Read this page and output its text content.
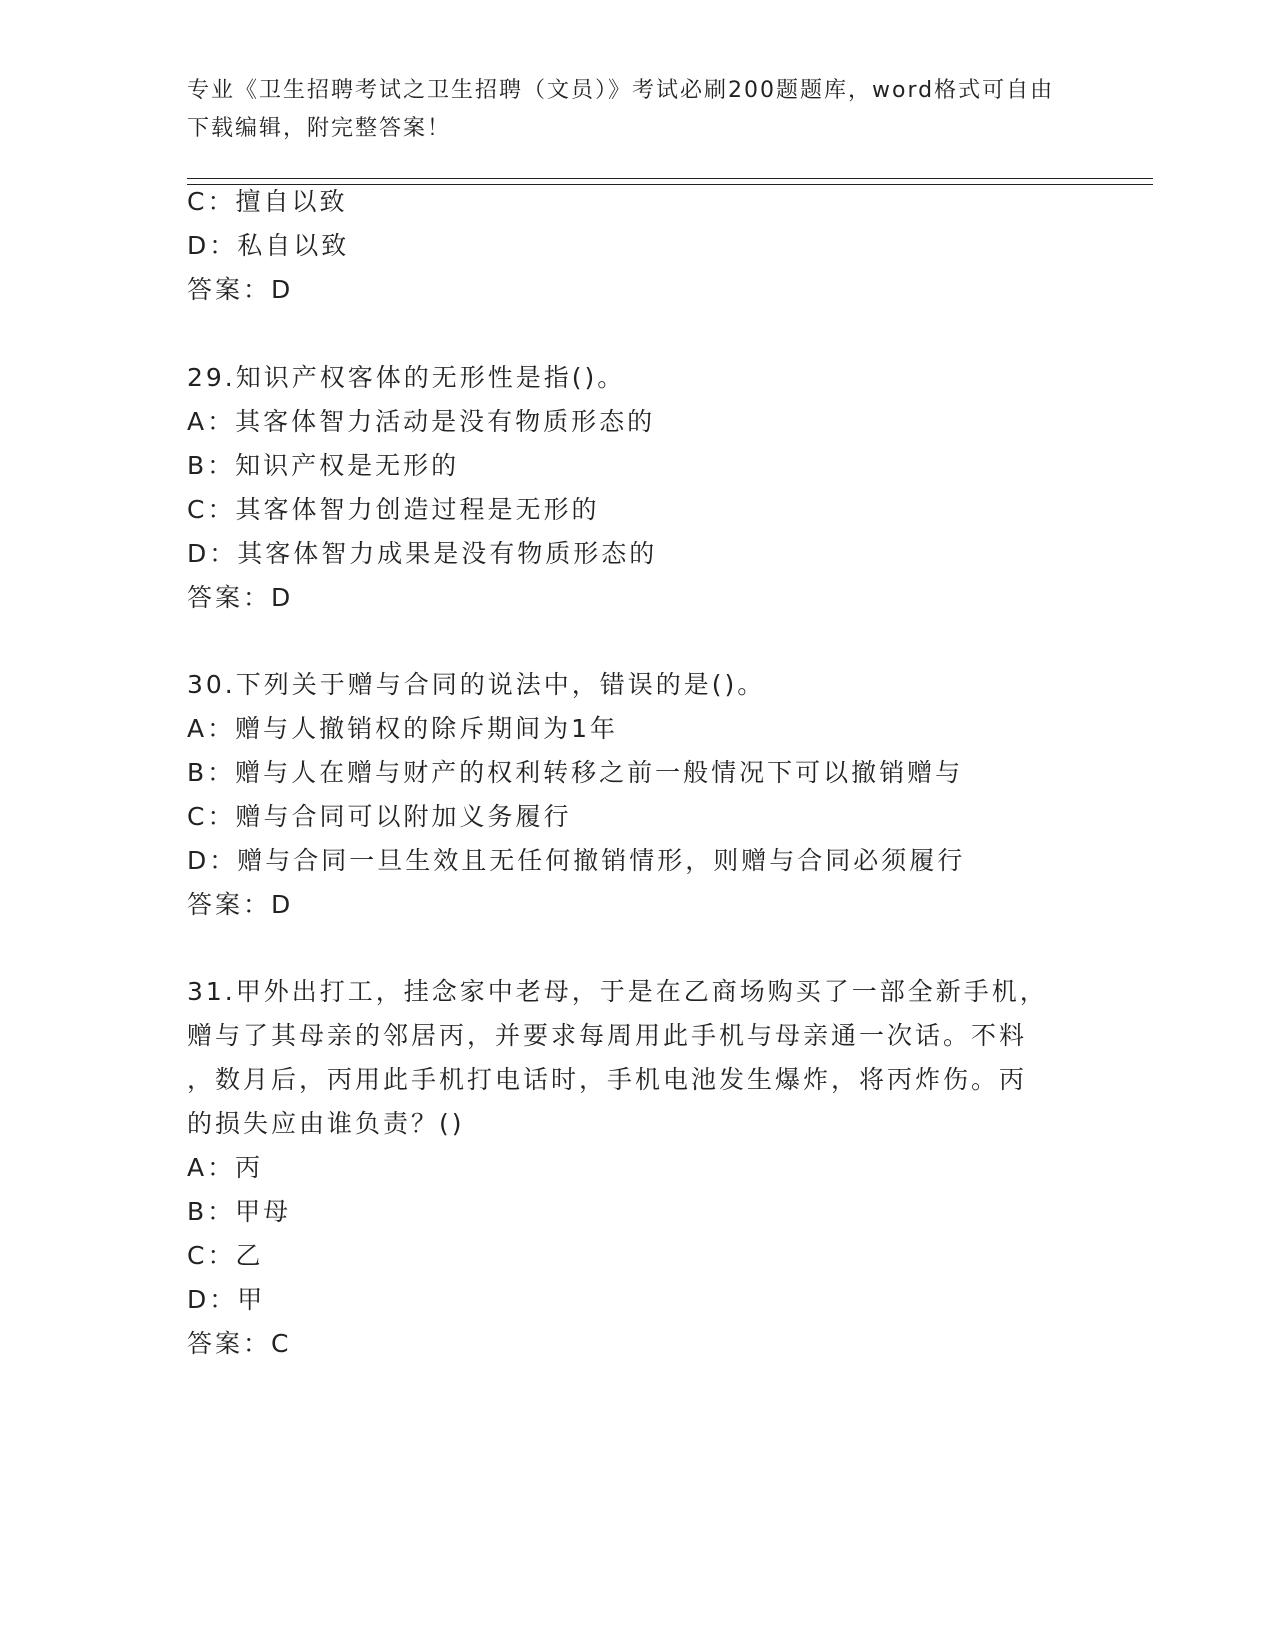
专业《卫生招聘考试之卫生招聘（文员）》考试必刷200题题库，word格式可自由下载编辑，附完整答案！
C：擅自以致
D：私自以致
答案：D
29.知识产权客体的无形性是指()。
A：其客体智力活动是没有物质形态的
B：知识产权是无形的
C：其客体智力创造过程是无形的
D：其客体智力成果是没有物质形态的
答案：D
30.下列关于赠与合同的说法中，错误的是()。
A：赠与人撤销权的除斥期间为1年
B：赠与人在赠与财产的权利转移之前一般情况下可以撤销赠与
C：赠与合同可以附加义务履行
D：赠与合同一旦生效且无任何撤销情形，则赠与合同必须履行
答案：D
31.甲外出打工，挂念家中老母，于是在乙商场购买了一部全新手机，
赠与了其母亲的邻居丙，并要求每周用此手机与母亲通一次话。不料
，数月后，丙用此手机打电话时，手机电池发生爆炸，将丙炸伤。丙
的损失应由谁负责？()
A：丙
B：甲母
C：乙
D：甲
答案：C
